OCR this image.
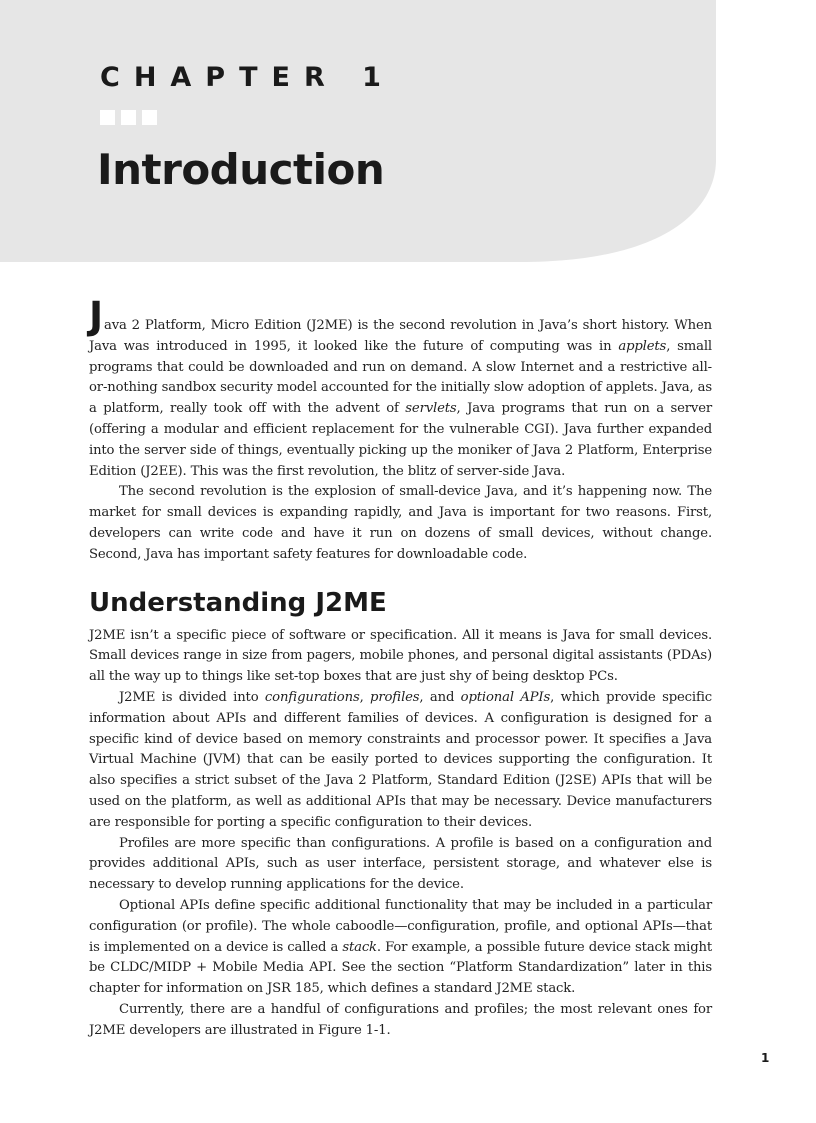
CHAPTER 1
Introduction

Java 2 Platform, Micro Edition (J2ME) is the second revolution in Java’s short history. When Java was introduced in 1995, it looked like the future of computing was in applets, small programs that could be downloaded and run on demand. A slow Internet and a restrictive all-or-nothing sandbox security model accounted for the initially slow adoption of applets. Java, as a platform, really took off with the advent of servlets, Java programs that run on a server (offering a modular and efficient replacement for the vulnerable CGI). Java further expanded into the server side of things, eventually picking up the moniker of Java 2 Platform, Enterprise Edition (J2EE). This was the first revolution, the blitz of server-side Java.

The second revolution is the explosion of small-device Java, and it’s happening now. The market for small devices is expanding rapidly, and Java is important for two reasons. First, developers can write code and have it run on dozens of small devices, without change. Second, Java has important safety features for downloadable code.

Understanding J2ME

J2ME isn’t a specific piece of software or specification. All it means is Java for small devices. Small devices range in size from pagers, mobile phones, and personal digital assistants (PDAs) all the way up to things like set-top boxes that are just shy of being desktop PCs.

J2ME is divided into configurations, profiles, and optional APIs, which provide specific information about APIs and different families of devices. A configuration is designed for a specific kind of device based on memory constraints and processor power. It specifies a Java Virtual Machine (JVM) that can be easily ported to devices supporting the configuration. It also specifies a strict subset of the Java 2 Platform, Standard Edition (J2SE) APIs that will be used on the platform, as well as additional APIs that may be necessary. Device manufacturers are responsible for porting a specific configuration to their devices.

Profiles are more specific than configurations. A profile is based on a configuration and provides additional APIs, such as user interface, persistent storage, and whatever else is necessary to develop running applications for the device.

Optional APIs define specific additional functionality that may be included in a particular configuration (or profile). The whole caboodle—configuration, profile, and optional APIs—that is implemented on a device is called a stack. For example, a possible future device stack might be CLDC/MIDP + Mobile Media API. See the section “Platform Standardization” later in this chapter for information on JSR 185, which defines a standard J2ME stack.

Currently, there are a handful of configurations and profiles; the most relevant ones for J2ME developers are illustrated in Figure 1-1.

1
